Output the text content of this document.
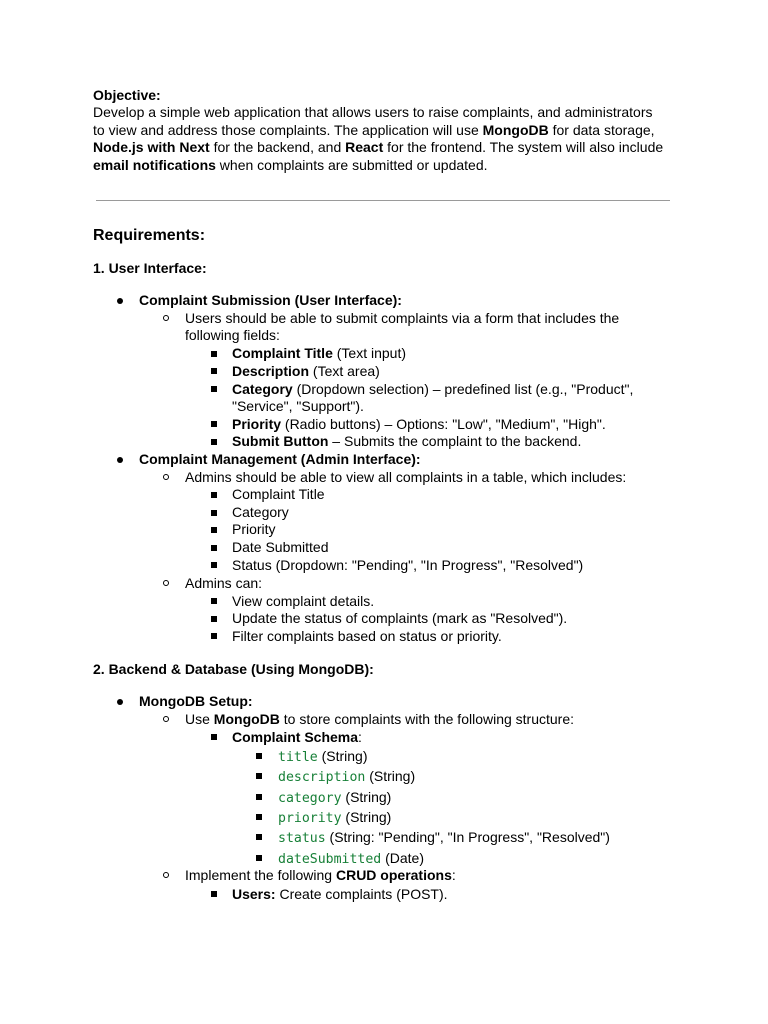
Objective:
Develop a simple web application that allows users to raise complaints, and administrators
to view and address those complaints. The application will use MongoDB for data storage,
Node.js with Next for the backend, and React for the frontend. The system will also include
email notifications when complaints are submitted or updated.
Requirements:
1. User Interface:
Complaint Submission (User Interface):
Users should be able to submit complaints via a form that includes the
following fields:
Complaint Title (Text input)
Description (Text area)
Category (Dropdown selection) – predefined list (e.g., "Product",
"Service", "Support").
Priority (Radio buttons) – Options: "Low", "Medium", "High".
Submit Button – Submits the complaint to the backend.
Complaint Management (Admin Interface):
Admins should be able to view all complaints in a table, which includes:
Complaint Title
Category
Priority
Date Submitted
Status (Dropdown: "Pending", "In Progress", "Resolved")
Admins can:
View complaint details.
Update the status of complaints (mark as "Resolved").
Filter complaints based on status or priority.
2. Backend & Database (Using MongoDB):
MongoDB Setup:
Use MongoDB to store complaints with the following structure:
Complaint Schema:
title (String)
description (String)
category (String)
priority (String)
status (String: "Pending", "In Progress", "Resolved")
dateSubmitted (Date)
Implement the following CRUD operations:
Users: Create complaints (POST).
